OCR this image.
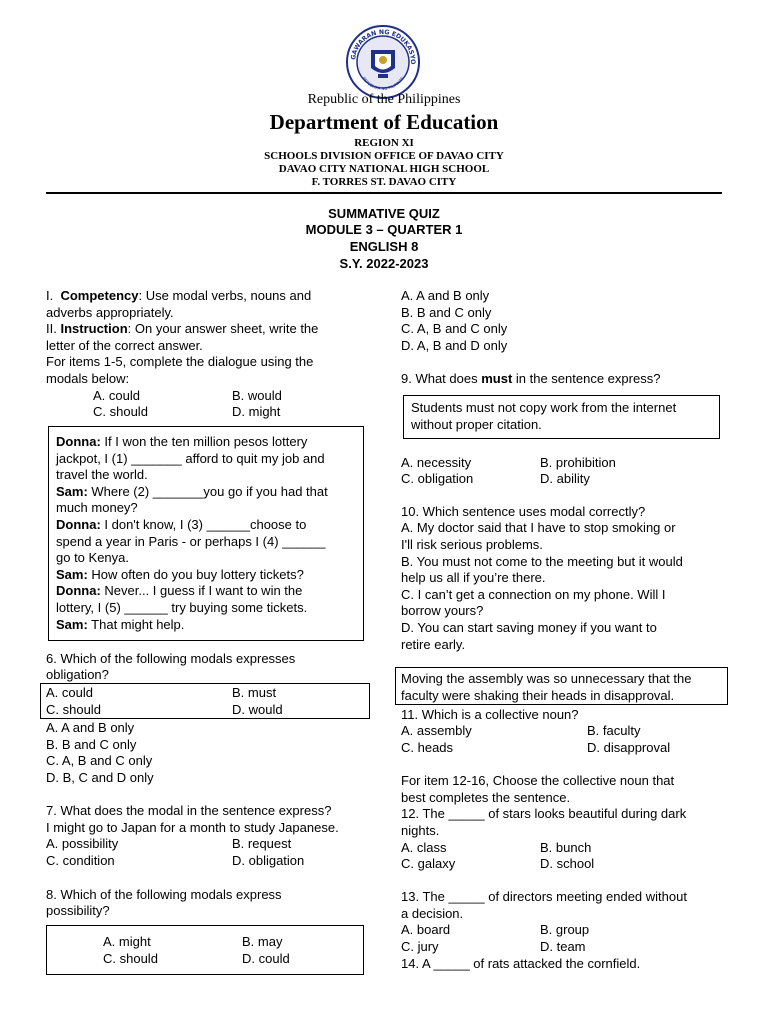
GAWARAN NG EDUKASYO
REPUBLIKA NG PILIPINAS
Republic of the Philippines
Department of Education
REGION XI
SCHOOLS DIVISION OFFICE OF DAVAO CITY
DAVAO CITY NATIONAL HIGH SCHOOL
F. TORRES ST. DAVAO CITY
SUMMATIVE QUIZ
MODULE 3 – QUARTER 1
ENGLISH 8
S.Y. 2022-2023
I. Competency: Use modal verbs, nouns and
adverbs appropriately.
II. Instruction: On your answer sheet, write the
letter of the correct answer.
For items 1-5, complete the dialogue using the
modals below:
A. could	B. would
C. should	D. might
Donna: If I won the ten million pesos lottery
jackpot, I (1) _______ afford to quit my job and
travel the world.
Sam: Where (2) _______you go if you had that
much money?
Donna: I don't know, I (3) ______choose to
spend a year in Paris - or perhaps I (4) ______
go to Kenya.
Sam: How often do you buy lottery tickets?
Donna: Never... I guess if I want to win the
lottery, I (5) ______ try buying some tickets.
Sam: That might help.
6. Which of the following modals expresses
obligation?
A. could	B. must
C. should	D. would
A. A and B only
B. B and C only
C. A, B and C only
D. B, C and D only
7. What does the modal in the sentence express?
I might go to Japan for a month to study Japanese.
A. possibility	B. request
C. condition	D. obligation
8. Which of the following modals express
possibility?
A. might	B. may
C. should	D. could
A. A and B only
B. B and C only
C. A, B and C only
D. A, B and D only
9. What does must in the sentence express?
Students must not copy work from the internet
without proper citation.
A. necessity	B. prohibition
C. obligation	D. ability
10. Which sentence uses modal correctly?
A. My doctor said that I have to stop smoking or
I'll risk serious problems.
B. You must not come to the meeting but it would
help us all if you’re there.
C. I can’t get a connection on my phone. Will I
borrow yours?
D. You can start saving money if you want to
retire early.
Moving the assembly was so unnecessary that the
faculty were shaking their heads in disapproval.
11. Which is a collective noun?
A. assembly	B. faculty
C. heads	D. disapproval
For item 12-16, Choose the collective noun that
best completes the sentence.
12. The _____ of stars looks beautiful during dark
nights.
A. class	B. bunch
C. galaxy	D. school
13. The _____ of directors meeting ended without
a decision.
A. board	B. group
C. jury	D. team
14. A _____ of rats attacked the cornfield.
